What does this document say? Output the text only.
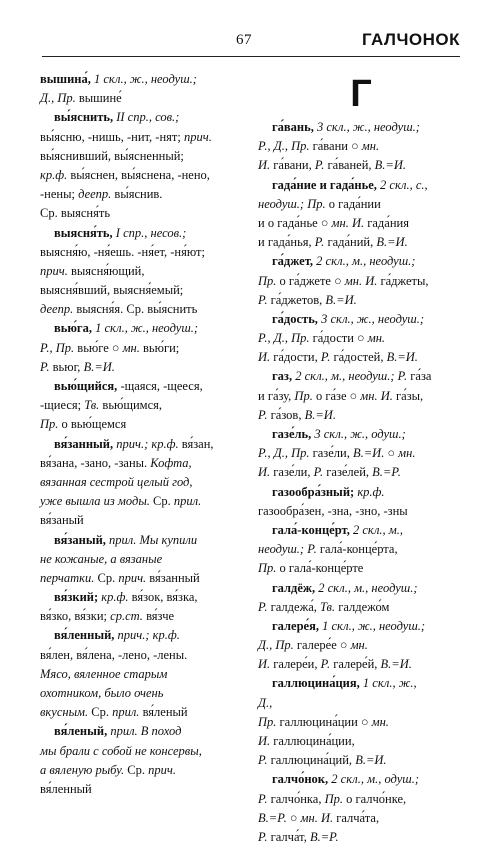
67	ГАЛЧОНОК
вышина́, 1 скл., ж., неодуш.;
Д., Пр. вышине́
вы́яснить, II спр., сов.;
вы́ясню, -нишь, -нит, -нят; прич.
вы́яснивший, вы́ясненный;
кр.ф. вы́яснен, вы́яснена, -нено,
-нены; деепр. вы́яснив.
Ср. выясня́ть
выясня́ть, I спр., несов.;
выясня́ю, -ня́ешь. -ня́ет, -ня́ют;
прич. выясня́ющий,
выясня́вший, выясня́емый;
деепр. выясня́я. Ср. вы́яснить
вью́га, 1 скл., ж., неодуш.;
Р., Пр. вью́ге ○ мн. вью́ги;
Р. вьюг, В.=И.
вью́щийся, -щаяся, -щееся,
-щиеся; Тв. вью́щимся,
Пр. о вью́щемся
вя́занный, прич.; кр.ф. вя́зан,
вя́зана, -зано, -заны. Кофта,
вязанная сестрой целый год,
уже вышла из моды. Ср. прил.
вя́заный
вя́заный, прил. Мы купили
не кожаные, а вязаные
перчатки. Ср. прич. вя́занный
вя́зкий; кр.ф. вя́зок, вя́зка,
вя́зко, вя́зки; ср.ст. вя́зче
вя́ленный, прич.; кр.ф.
вя́лен, вя́лена, -лено, -лены.
Мясо, вяленное старым
охотником, было очень
вкусным. Ср. прил. вя́леный
вя́леный, прил. В поход
мы брали с собой не консервы,
а вяленую рыбу. Ср. прич.
вя́ленный
Г
га́вань, 3 скл., ж., неодуш.;
Р., Д., Пр. га́вани ○ мн.
И. га́вани, Р. га́ваней, В.=И.
гада́ние и гада́нье, 2 скл., с.,
неодуш.; Пр. о гада́нии
и о гада́нье ○ мн. И. гада́ния
и гада́нья, Р. гада́ний, В.=И.
га́джет, 2 скл., м., неодуш.;
Пр. о га́джете ○ мн. И. га́джеты,
Р. га́джетов, В.=И.
га́дость, 3 скл., ж., неодуш.;
Р., Д., Пр. га́дости ○ мн.
И. га́дости, Р. га́достей, В.=И.
газ, 2 скл., м., неодуш.; Р. га́за
и га́зу, Пр. о га́зе ○ мн. И. га́зы,
Р. га́зов, В.=И.
газе́ль, 3 скл., ж., одуш.;
Р., Д., Пр. газе́ли, В.=И. ○ мн.
И. газе́ли, Р. газе́лей, В.=Р.
газообра́зный; кр.ф.
газообра́зен, -зна, -зно, -зны
гала́-конце́рт, 2 скл., м.,
неодуш.; Р. гала́-конце́рта,
Пр. о гала́-конце́рте
галдёж, 2 скл., м., неодуш.;
Р. галдежа́, Тв. галдежо́м
галере́я, 1 скл., ж., неодуш.;
Д., Пр. галере́е ○ мн.
И. галере́и, Р. галере́й, В.=И.
галлюцина́ция, 1 скл., ж.,
Д.,
Пр. галлюцина́ции ○ мн.
И. галлюцина́ции,
Р. галлюцина́ций, В.=И.
галчо́нок, 2 скл., м., одуш.;
Р. галчо́нка, Пр. о галчо́нке,
В.=Р. ○ мн. И. галча́та,
Р. галча́т, В.=Р.
